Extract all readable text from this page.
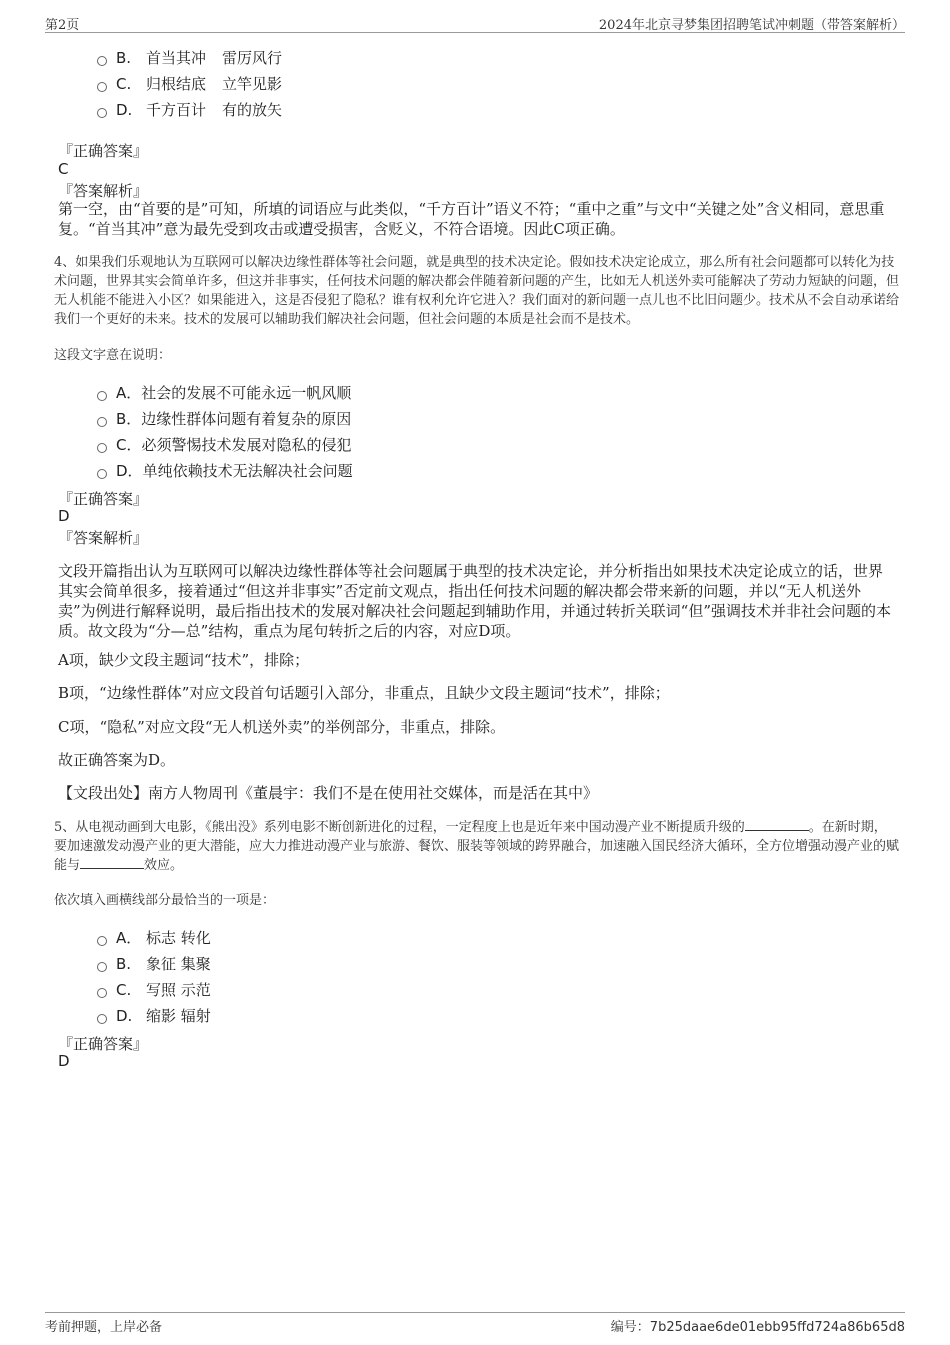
第2页	2024年北京寻梦集团招聘笔试冲刺题（带答案解析）
B. 首当其冲 雷厉风行
C. 归根结底 立竿见影
D. 千方百计 有的放矢
『正确答案』
C
『答案解析』
第一空，由“首要的是”可知，所填的词语应与此类似，“千方百计”语义不符；“重中之重”与文中“关键之处”含义相同，意思重复。“首当其冲”意为最先受到攻击或遭受损害，含贬义，不符合语境。因此C项正确。
4、如果我们乐观地认为互联网可以解决边缘性群体等社会问题，就是典型的技术决定论。假如技术决定论成立，那么所有社会问题都可以转化为技术问题，世界其实会简单许多，但这并非事实，任何技术问题的解决都会伴随着新问题的产生，比如无人机送外卖可能解决了劳动力短缺的问题，但无人机能不能进入小区？如果能进入，这是否侵犯了隐私？谁有权利允许它进入？我们面对的新问题一点儿也不比旧问题少。技术从不会自动承诺给我们一个更好的未来。技术的发展可以辅助我们解决社会问题，但社会问题的本质是社会而不是技术。
这段文字意在说明：
A．社会的发展不可能永远一帆风顺
B．边缘性群体问题有着复杂的原因
C．必须警惕技术发展对隐私的侵犯
D．单纯依赖技术无法解决社会问题
『正确答案』
D
『答案解析』
文段开篇指出认为互联网可以解决边缘性群体等社会问题属于典型的技术决定论，并分析指出如果技术决定论成立的话，世界其实会简单很多，接着通过“但这并非事实”否定前文观点，指出任何技术问题的解决都会带来新的问题，并以“无人机送外卖”为例进行解释说明，最后指出技术的发展对解决社会问题起到辅助作用，并通过转折关联词“但”强调技术并非社会问题的本质。故文段为“分—总”结构，重点为尾句转折之后的内容，对应D项。
A项，缺少文段主题词“技术”，排除；
B项，“边缘性群体”对应文段首句话题引入部分，非重点，且缺少文段主题词“技术”，排除；
C项，“隐私”对应文段“无人机送外卖”的举例部分，非重点，排除。
故正确答案为D。
【文段出处】南方人物周刊《董晨宇：我们不是在使用社交媒体，而是活在其中》
5、从电视动画到大电影，《熊出没》系列电影不断创新进化的过程，一定程度上也是近年来中国动漫产业不断提质升级的	。在新时期，要加速激发动漫产业的更大潜能，应大力推进动漫产业与旅游、餐饮、服装等领域的跨界融合，加速融入国民经济大循环，全方位增强动漫产业的赋能与	效应。
依次填入画横线部分最恰当的一项是：
A． 标志 转化
B. 象征 集聚
C. 写照 示范
D. 缩影 辐射
『正确答案』
D
考前押题，上岸必备	编号：7b25daae6de01ebb95ffd724a86b65d8
